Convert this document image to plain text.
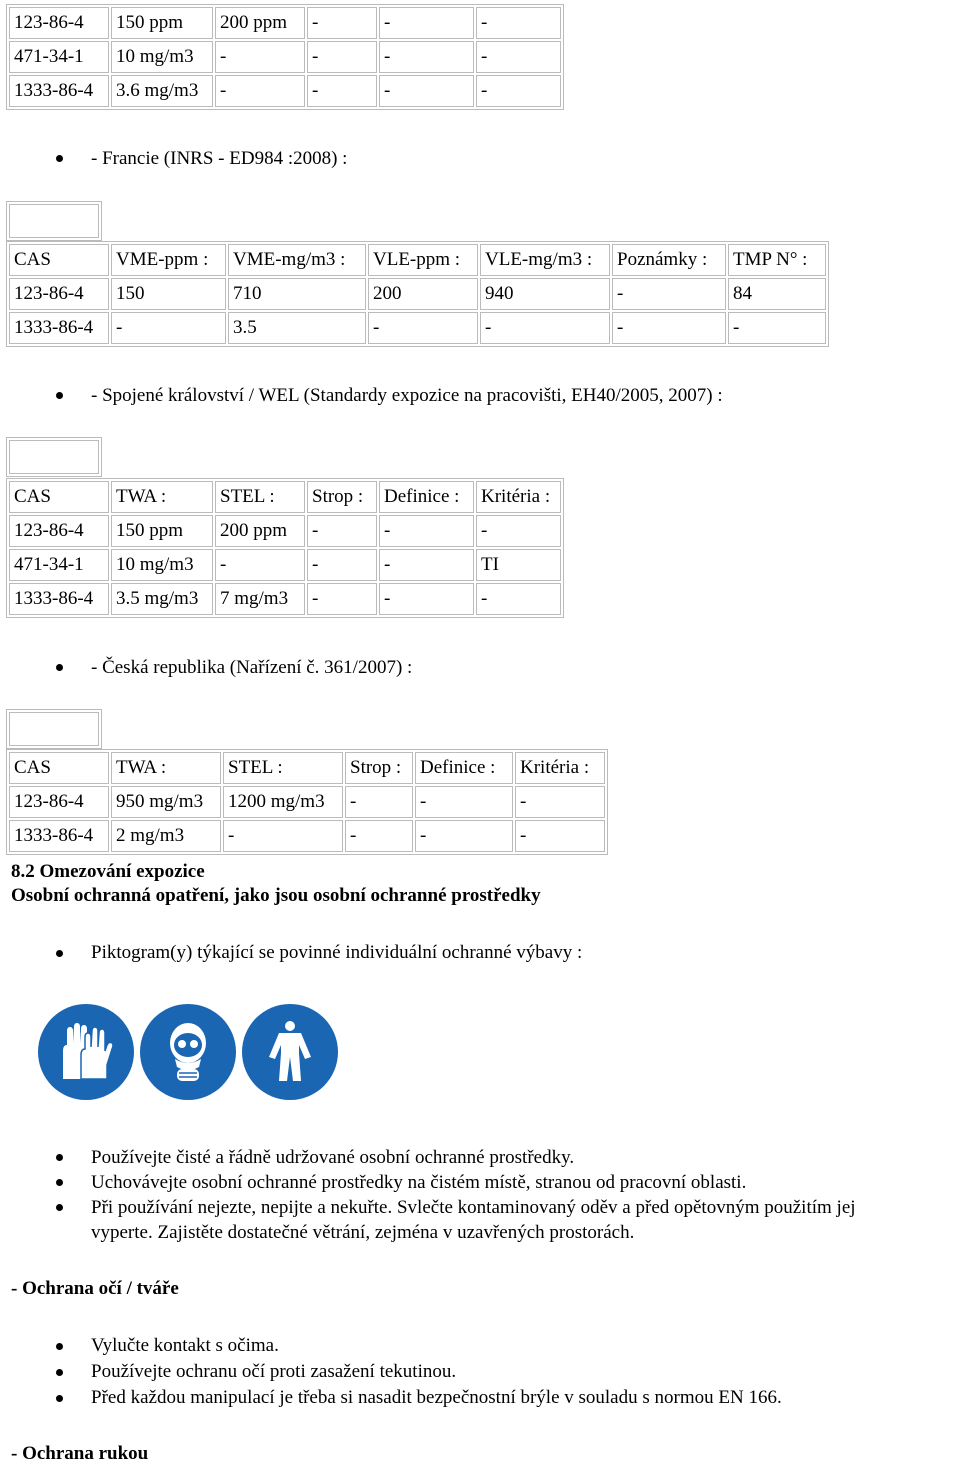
123-86-4	150 ppm	200 ppm	-	-	-
471-34-1	10 mg/m3	-	-	-	-
1333-86-4	3.6 mg/m3	-	-	-	-
- Francie (INRS - ED984 :2008) :
CAS	VME-ppm :	VME-mg/m3 :	VLE-ppm :	VLE-mg/m3 :	Poznámky :	TMP N° :
123-86-4	150	710	200	940	-	84
1333-86-4	-	3.5	-	-	-	-
- Spojené království / WEL (Standardy expozice na pracovišti, EH40/2005, 2007) :
CAS	TWA :	STEL :	Strop :	Definice :	Kritéria :
123-86-4	150 ppm	200 ppm	-	-	-
471-34-1	10 mg/m3	-	-	-	TI
1333-86-4	3.5 mg/m3	7 mg/m3	-	-	-
- Česká republika (Nařízení č. 361/2007) :
CAS	TWA :	STEL :	Strop :	Definice :	Kritéria :
123-86-4	950 mg/m3	1200 mg/m3	-	-	-
1333-86-4	2 mg/m3	-	-	-	-
8.2 Omezování expozice
Osobní ochranná opatření, jako jsou osobní ochranné prostředky
Piktogram(y) týkající se povinné individuální ochranné výbavy :
Používejte čisté a řádně udržované osobní ochranné prostředky.
Uchovávejte osobní ochranné prostředky na čistém místě, stranou od pracovní oblasti.
Při používání nejezte, nepijte a nekuřte. Svlečte kontaminovaný oděv a před opětovným použitím jej
vyperte. Zajistěte dostatečné větrání, zejména v uzavřených prostorách.
- Ochrana očí / tváře
Vylučte kontakt s očima.
Používejte ochranu očí proti zasažení tekutinou.
Před každou manipulací je třeba si nasadit bezpečnostní brýle v souladu s normou EN 166.
- Ochrana rukou
